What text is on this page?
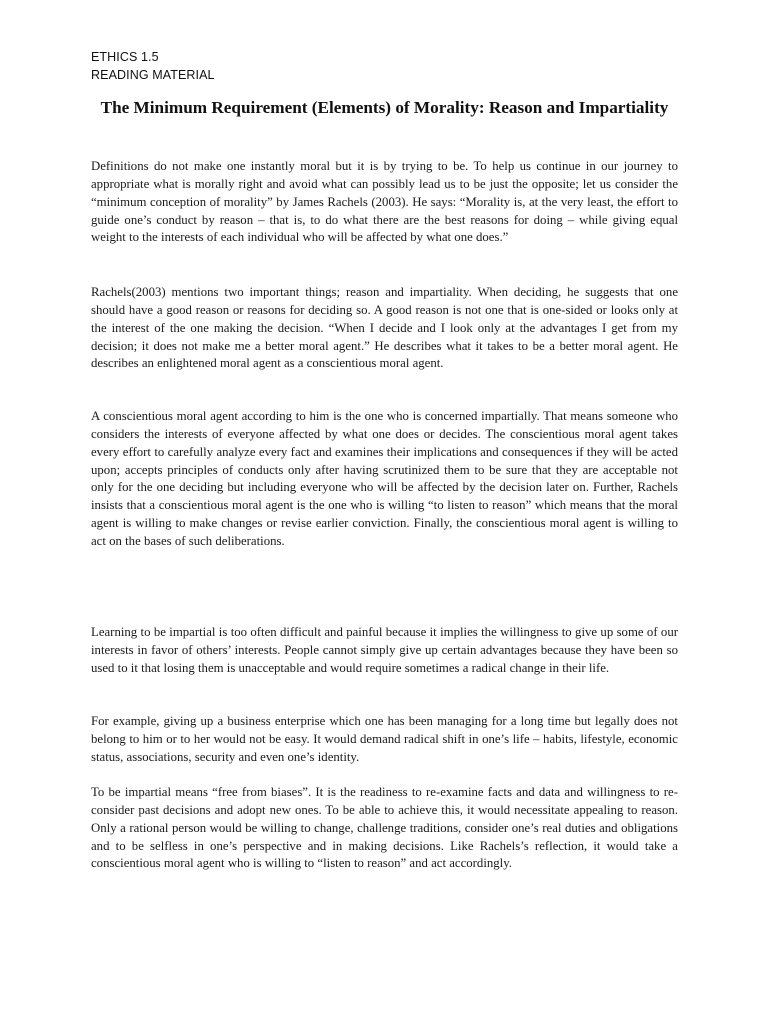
ETHICS 1.5
READING MATERIAL
The Minimum Requirement (Elements) of Morality: Reason and Impartiality

Definitions do not make one instantly moral but it is by trying to be. To help us continue in our journey to appropriate what is morally right and avoid what can possibly lead us to be just the opposite; let us consider the “minimum conception of morality” by James Rachels (2003). He says: “Morality is, at the very least, the effort to guide one’s conduct by reason – that is, to do what there are the best reasons for doing – while giving equal weight to the interests of each individual who will be affected by what one does.”

Rachels(2003) mentions two important things; reason and impartiality. When deciding, he suggests that one should have a good reason or reasons for deciding so. A good reason is not one that is one-sided or looks only at the interest of the one making the decision. “When I decide and I look only at the advantages I get from my decision; it does not make me a better moral agent.” He describes what it takes to be a better moral agent. He describes an enlightened moral agent as a conscientious moral agent.

A conscientious moral agent according to him is the one who is concerned impartially. That means someone who considers the interests of everyone affected by what one does or decides. The conscientious moral agent takes every effort to carefully analyze every fact and examines their implications and consequences if they will be acted upon; accepts principles of conducts only after having scrutinized them to be sure that they are acceptable not only for the one deciding but including everyone who will be affected by the decision later on. Further, Rachels insists that a conscientious moral agent is the one who is willing “to listen to reason” which means that the moral agent is willing to make changes or revise earlier conviction. Finally, the conscientious moral agent is willing to act on the bases of such deliberations.

Learning to be impartial is too often difficult and painful because it implies the willingness to give up some of our interests in favor of others’ interests. People cannot simply give up certain advantages because they have been so used to it that losing them is unacceptable and would require sometimes a radical change in their life.

For example, giving up a business enterprise which one has been managing for a long time but legally does not belong to him or to her would not be easy. It would demand radical shift in one’s life – habits, lifestyle, economic status, associations, security and even one’s identity.

To be impartial means “free from biases”. It is the readiness to re-examine facts and data and willingness to re-consider past decisions and adopt new ones. To be able to achieve this, it would necessitate appealing to reason. Only a rational person would be willing to change, challenge traditions, consider one’s real duties and obligations and to be selfless in one’s perspective and in making decisions. Like Rachels’s reflection, it would take a conscientious moral agent who is willing to “listen to reason” and act accordingly.
